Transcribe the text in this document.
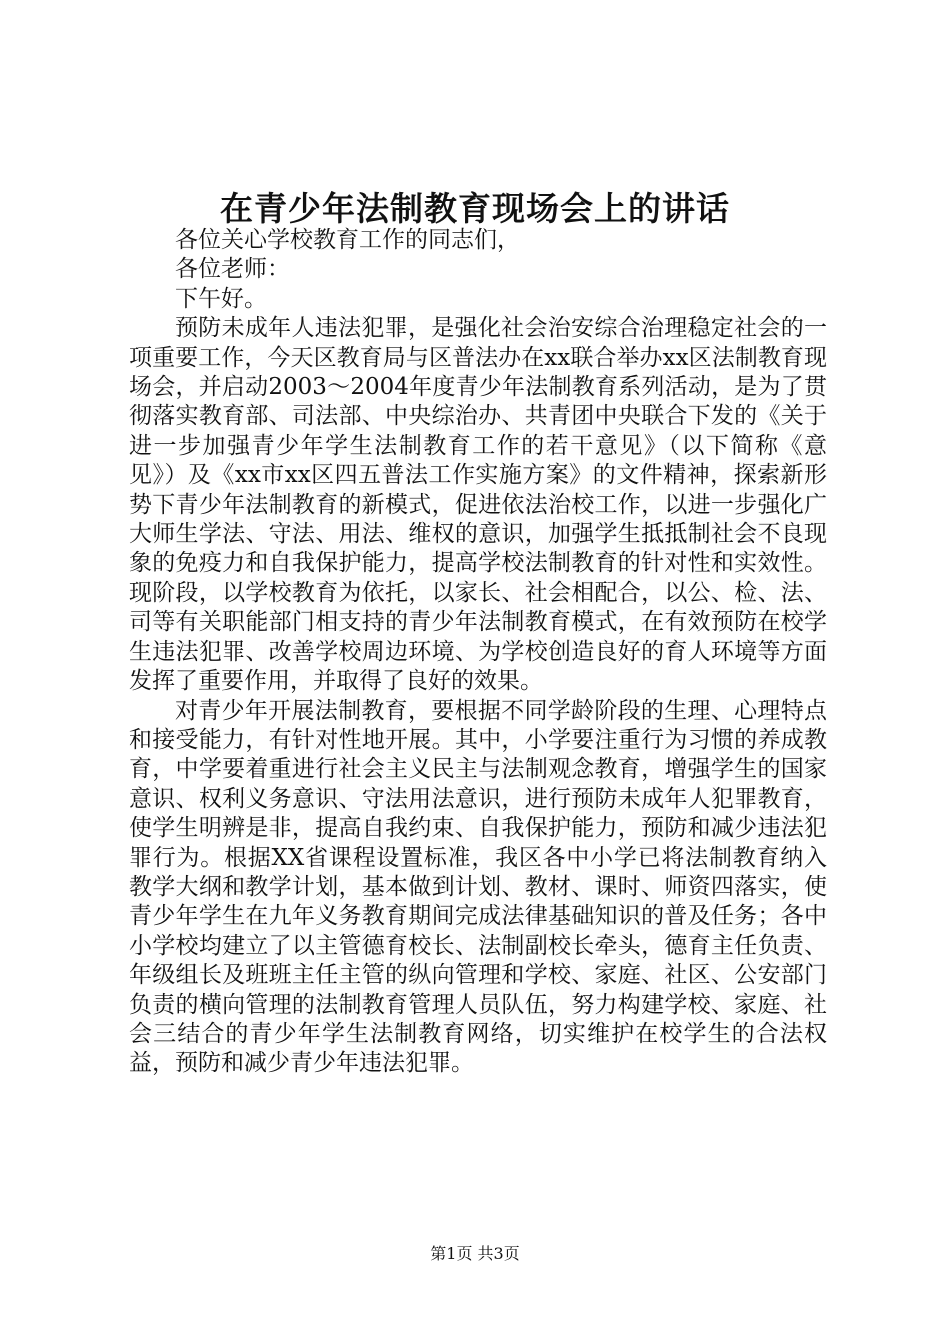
在青少年法制教育现场会上的讲话

各位关心学校教育工作的同志们，

各位老师：

下午好。

预防未成年人违法犯罪，是强化社会治安综合治理稳定社会的一项重要工作，今天区教育局与区普法办在xx联合举办xx区法制教育现场会，并启动2003～2004年度青少年法制教育系列活动，是为了贯彻落实教育部、司法部、中央综治办、共青团中央联合下发的《关于进一步加强青少年学生法制教育工作的若干意见》（以下简称《意见》）及《xx市xx区四五普法工作实施方案》的文件精神，探索新形势下青少年法制教育的新模式，促进依法治校工作，以进一步强化广大师生学法、守法、用法、维权的意识，加强学生抵抵制社会不良现象的免疫力和自我保护能力，提高学校法制教育的针对性和实效性。现阶段，以学校教育为依托，以家长、社会相配合，以公、检、法、司等有关职能部门相支持的青少年法制教育模式，在有效预防在校学生违法犯罪、改善学校周边环境、为学校创造良好的育人环境等方面发挥了重要作用，并取得了良好的效果。

对青少年开展法制教育，要根据不同学龄阶段的生理、心理特点和接受能力，有针对性地开展。其中，小学要注重行为习惯的养成教育，中学要着重进行社会主义民主与法制观念教育，增强学生的国家意识、权利义务意识、守法用法意识，进行预防未成年人犯罪教育，使学生明辨是非，提高自我约束、自我保护能力，预防和减少违法犯罪行为。根据XX省课程设置标准，我区各中小学已将法制教育纳入教学大纲和教学计划，基本做到计划、教材、课时、师资四落实，使青少年学生在九年义务教育期间完成法律基础知识的普及任务；各中小学校均建立了以主管德育校长、法制副校长牵头，德育主任负责、年级组长及班班主任主管的纵向管理和学校、家庭、社区、公安部门负责的横向管理的法制教育管理人员队伍，努力构建学校、家庭、社会三结合的青少年学生法制教育网络，切实维护在校学生的合法权益，预防和减少青少年违法犯罪。

第1页 共3页
